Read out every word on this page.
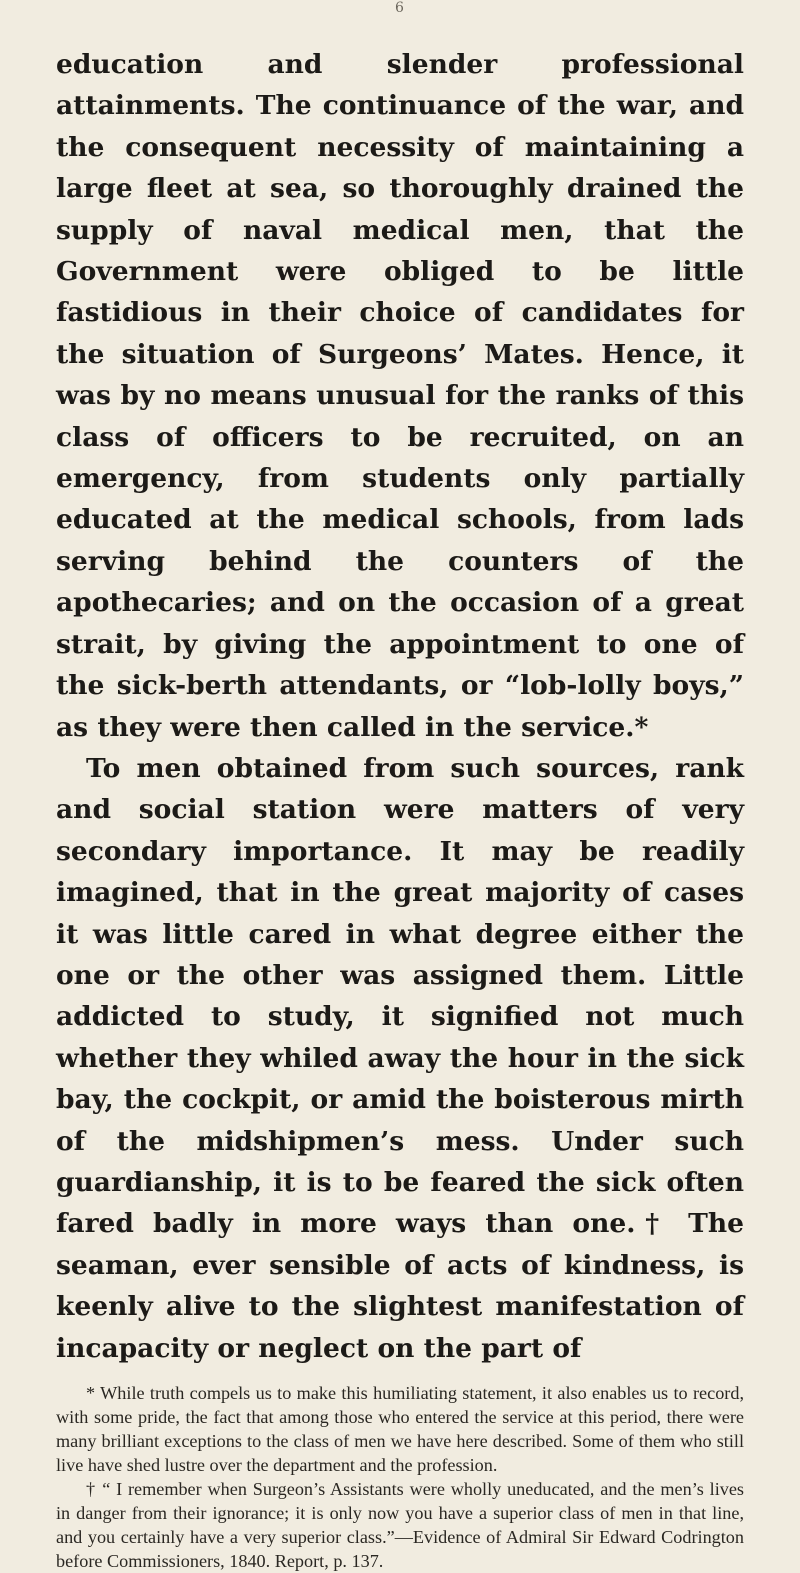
6

education and slender professional attainments. The continuance of the war, and the consequent necessity of maintaining a large fleet at sea, so thoroughly drained the supply of naval medical men, that the Government were obliged to be little fastidious in their choice of candidates for the situation of Surgeons’ Mates. Hence, it was by no means unusual for the ranks of this class of officers to be recruited, on an emergency, from students only partially educated at the medical schools, from lads serving behind the counters of the apothecaries; and on the occasion of a great strait, by giving the appointment to one of the sick-berth attendants, or “lob-lolly boys,” as they were then called in the service.*

To men obtained from such sources, rank and social station were matters of very secondary importance. It may be readily imagined, that in the great majority of cases it was little cared in what degree either the one or the other was assigned them. Little addicted to study, it signified not much whether they whiled away the hour in the sick bay, the cockpit, or amid the boisterous mirth of the midshipmen’s mess. Under such guardianship, it is to be feared the sick often fared badly in more ways than one.† The seaman, ever sensible of acts of kindness, is keenly alive to the slightest manifestation of incapacity or neglect on the part of

* While truth compels us to make this humiliating statement, it also enables us to record, with some pride, the fact that among those who entered the service at this period, there were many brilliant exceptions to the class of men we have here described. Some of them who still live have shed lustre over the department and the profession.

† “ I remember when Surgeon’s Assistants were wholly uneducated, and the men’s lives in danger from their ignorance; it is only now you have a superior class of men in that line, and you certainly have a very superior class.”—Evidence of Admiral Sir Edward Codrington before Commissioners, 1840. Report, p. 137.
